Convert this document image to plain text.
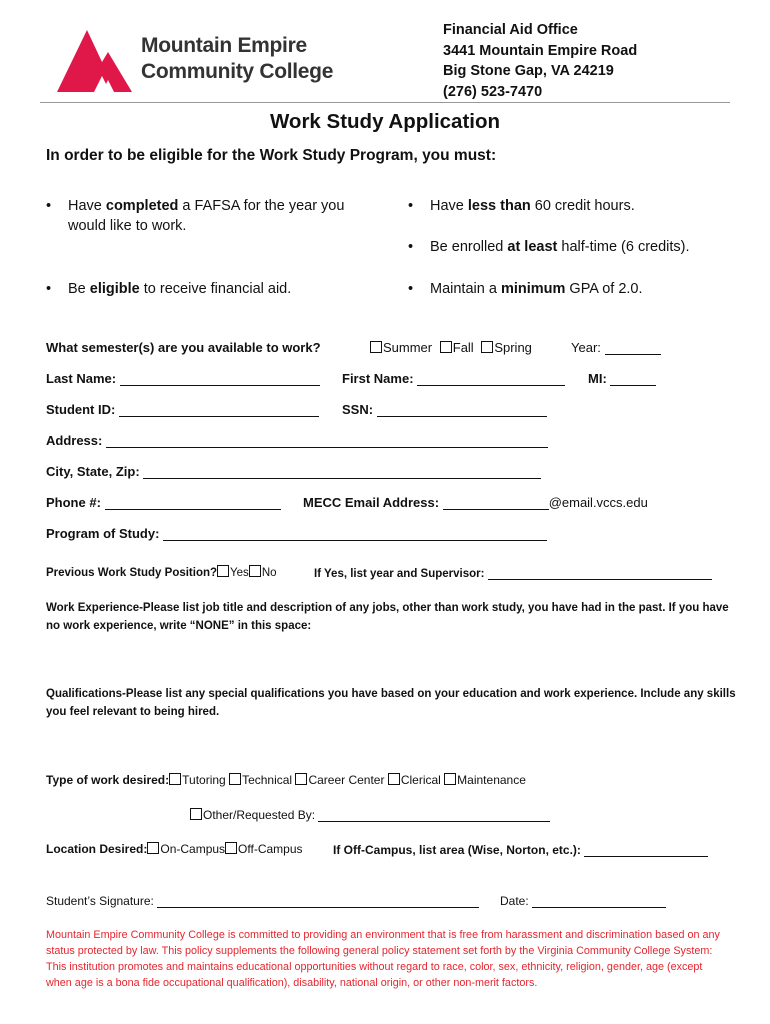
Mountain Empire
Community College
Financial Aid Office
3441 Mountain Empire Road
Big Stone Gap, VA 24219
(276) 523-7470
Work Study Application
In order to be eligible for the Work Study Program, you must:
• Have completed a FAFSA for the year you would like to work.
• Have less than 60 credit hours.
• Be enrolled at least half-time (6 credits).
• Be eligible to receive financial aid.	• Maintain a minimum GPA of 2.0.
What semester(s) are you available to work?	Summer Fall Spring	Year:
Last Name:	First Name:	MI:
Student ID:	SSN:
Address:
City, State, Zip:
Phone #:	MECC Email Address:	@email.vccs.edu
Program of Study:
Previous Work Study Position? Yes No	If Yes, list year and Supervisor:
Work Experience-Please list job title and description of any jobs, other than work study, you have had in the past. If you have no work experience, write “NONE” in this space:
Qualifications-Please list any special qualifications you have based on your education and work experience. Include any skills you feel relevant to being hired.
Type of work desired: Tutoring Technical Career Center Clerical Maintenance
Other/Requested By:
Location Desired: On-Campus Off-Campus	If Off-Campus, list area (Wise, Norton, etc.):
Student’s Signature:	Date:
Mountain Empire Community College is committed to providing an environment that is free from harassment and discrimination based on any status protected by law. This policy supplements the following general policy statement set forth by the Virginia Community College System: This institution promotes and maintains educational opportunities without regard to race, color, sex, ethnicity, religion, gender, age (except when age is a bona fide occupational qualification), disability, national origin, or other non-merit factors.
